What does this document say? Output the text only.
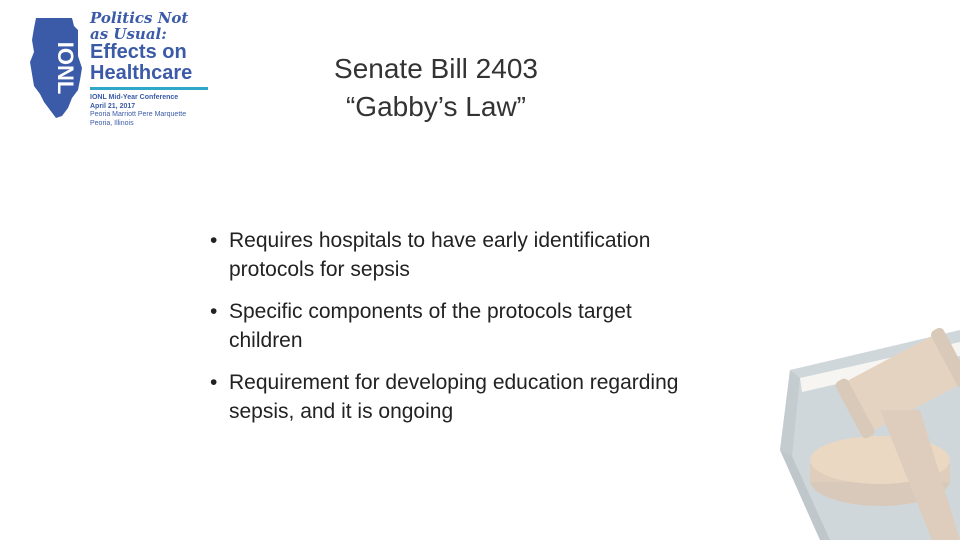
IONL

Politics Not

as Usual:

Effects on

Healthcare

IONL Mid-Year Conference

April 21, 2017

Peoria Marriott Pere Marquette

Peoria, Illinois

Senate Bill 2403
“Gabby’s Law”
• Requires hospitals to have early identification protocols for sepsis
• Specific components of the protocols target children
• Requirement for developing education regarding sepsis, and it is ongoing
